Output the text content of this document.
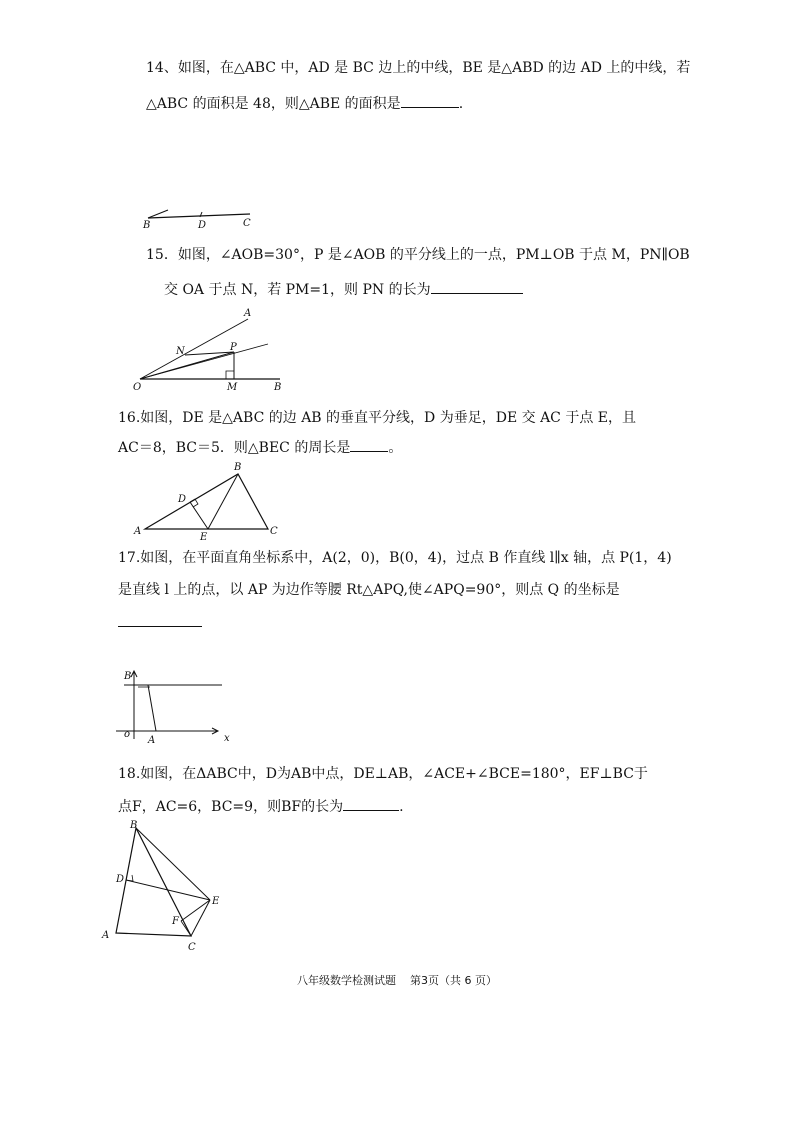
14、如图，在△ABC 中，AD 是 BC 边上的中线，BE 是△ABD 的边 AD 上的中线，若
△ABC 的面积是 48，则△ABE 的面积是	.
B	D	C
15．如图，∠AOB=30°，P 是∠AOB 的平分线上的一点，PM⊥OB 于点 M，PN∥OB
交 OA 于点 N，若 PM=1，则 PN 的长为
A
N	P
O	M	B
16.如图，DE 是△ABC 的边 AB 的垂直平分线，D 为垂足，DE 交 AC 于点 E，且
AC＝8，BC＝5．则△BEC 的周长是	。
A
B
C
D
E
17.如图，在平面直角坐标系中，A(2，0)，B(0，4)，过点 B 作直线 l∥x 轴，点 P(1，4)
是直线 l 上的点，以 AP 为边作等腰 Rt△APQ,使∠APQ=90°，则点 Q 的坐标是
B
o
A	x
18.如图，在ΔABC中，D为AB中点，DE⊥AB，∠ACE+∠BCE=180°，EF⊥BC于
点F，AC=6，BC=9，则BF的长为	.
B
D
E
F
A
C
八年级数学检测试题 第3页（共 6 页）
